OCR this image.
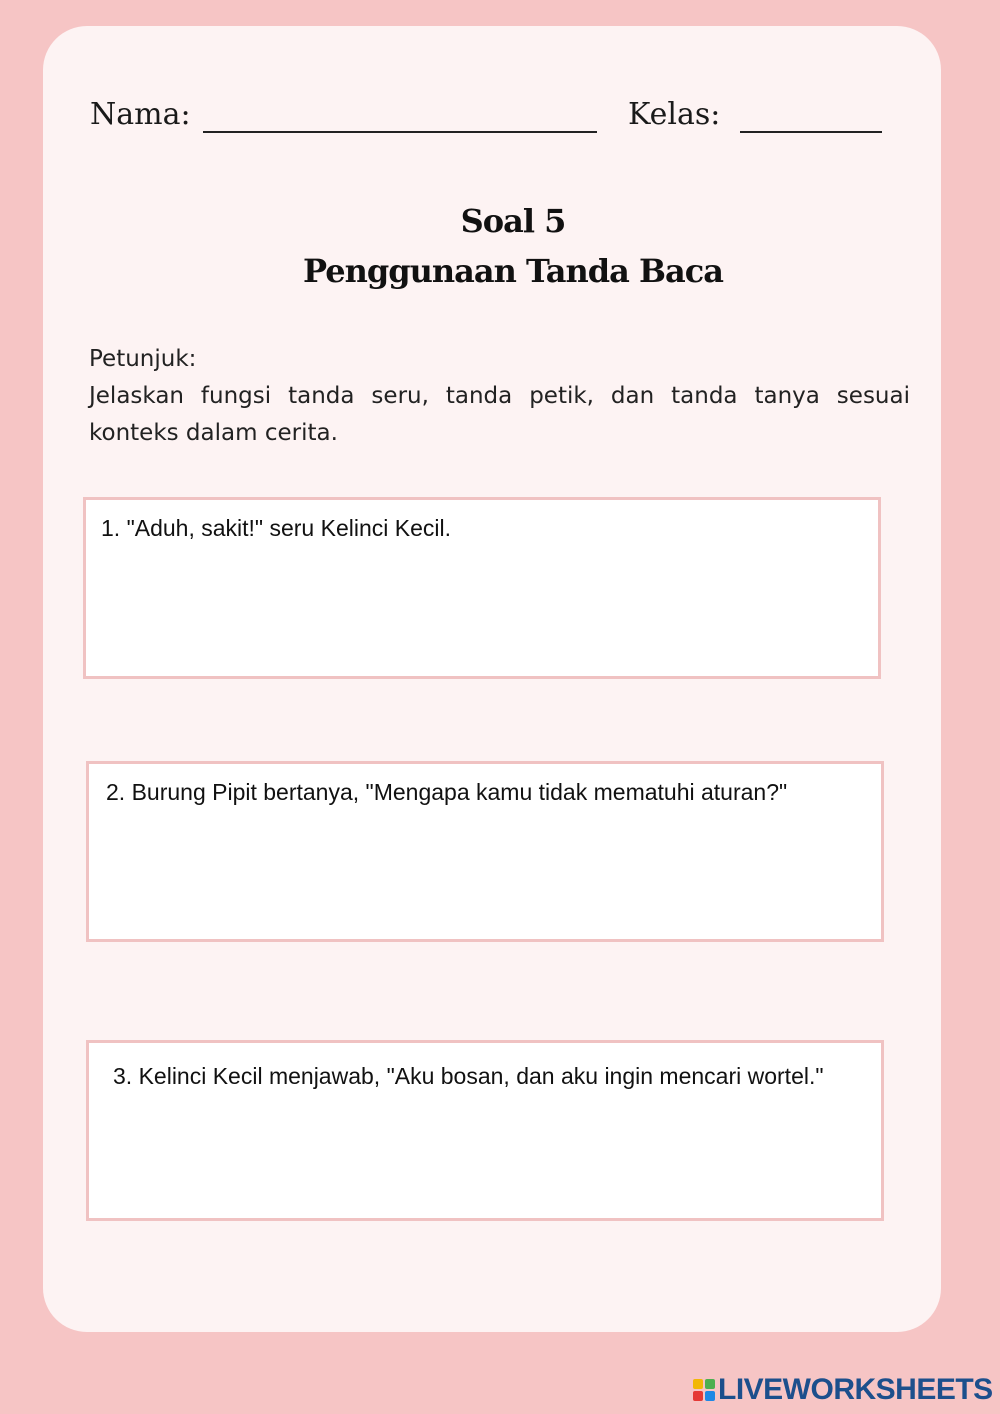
Nama:	Kelas:
Soal 5
Penggunaan Tanda Baca
Petunjuk:
Jelaskan fungsi tanda seru, tanda petik, dan tanda tanya sesuai konteks dalam cerita.
1. "Aduh, sakit!" seru Kelinci Kecil.
2. Burung Pipit bertanya, "Mengapa kamu tidak mematuhi aturan?"
3. Kelinci Kecil menjawab, "Aku bosan, dan aku ingin mencari wortel."
LIVEWORKSHEETS
